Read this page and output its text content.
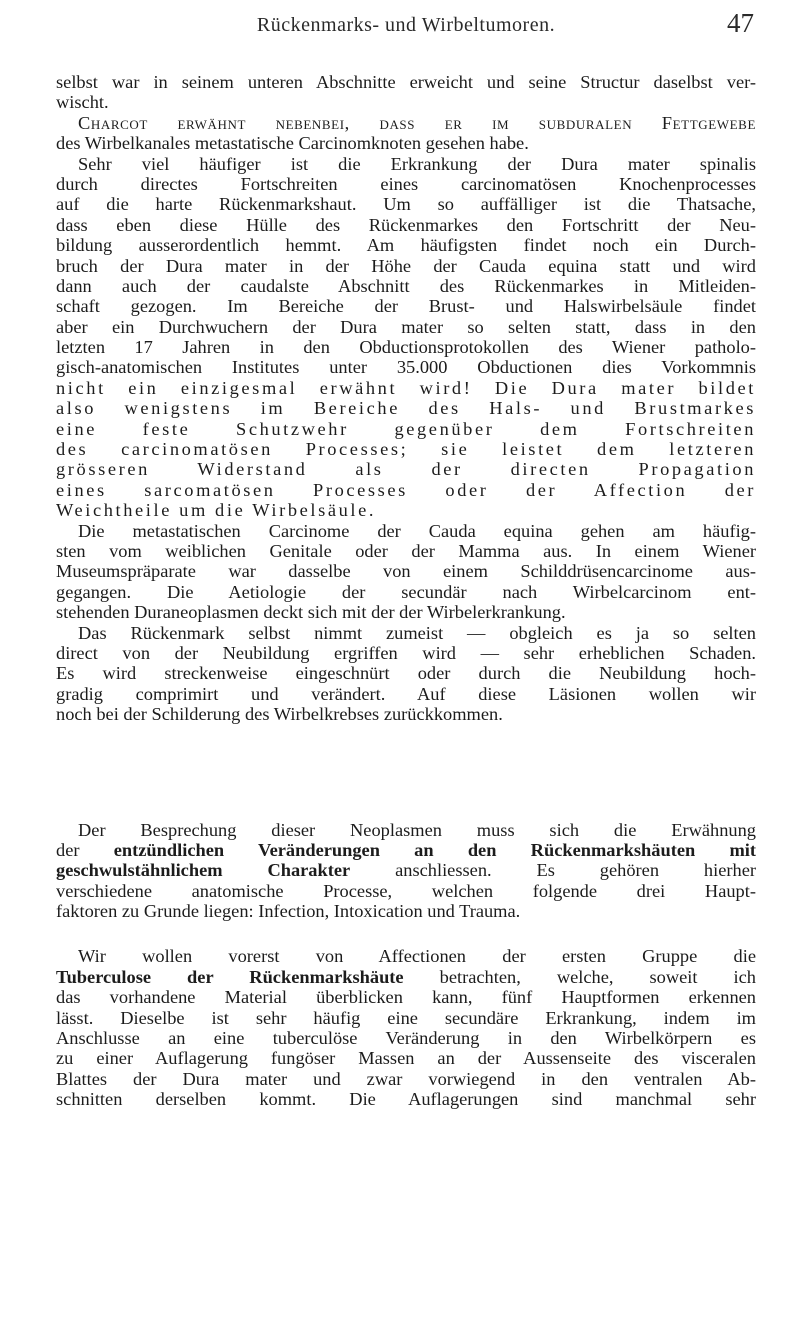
Rückenmarks- und Wirbeltumoren.	47
selbst war in seinem unteren Abschnitte erweicht und seine Structur daselbst ver-
wischt.
Charcot erwähnt nebenbei, dass er im subduralen Fettgewebe
des Wirbelkanales metastatische Carcinomknoten gesehen habe.
Sehr viel häufiger ist die Erkrankung der Dura mater spinalis
durch directes Fortschreiten eines carcinomatösen Knochenprocesses
auf die harte Rückenmarkshaut. Um so auffälliger ist die Thatsache,
dass eben diese Hülle des Rückenmarkes den Fortschritt der Neu-
bildung ausserordentlich hemmt. Am häufigsten findet noch ein Durch-
bruch der Dura mater in der Höhe der Cauda equina statt und wird
dann auch der caudalste Abschnitt des Rückenmarkes in Mitleiden-
schaft gezogen. Im Bereiche der Brust- und Halswirbelsäule findet
aber ein Durchwuchern der Dura mater so selten statt, dass in den
letzten 17 Jahren in den Obductionsprotokollen des Wiener patholo-
gisch-anatomischen Institutes unter 35.000 Obductionen dies Vorkommnis
nicht ein einzigesmal erwähnt wird! Die Dura mater bildet
also wenigstens im Bereiche des Hals- und Brustmarkes
eine feste Schutzwehr gegenüber dem Fortschreiten
des carcinomatösen Processes; sie leistet dem letzteren
grösseren Widerstand als der directen Propagation
eines sarcomatösen Processes oder der Affection der
Weichtheile um die Wirbelsäule.
Die metastatischen Carcinome der Cauda equina gehen am häufig-
sten vom weiblichen Genitale oder der Mamma aus. In einem Wiener
Museumspräparate war dasselbe von einem Schilddrüsencarcinome aus-
gegangen. Die Aetiologie der secundär nach Wirbelcarcinom ent-
stehenden Duraneoplasmen deckt sich mit der der Wirbelerkrankung.
Das Rückenmark selbst nimmt zumeist — obgleich es ja so selten
direct von der Neubildung ergriffen wird — sehr erheblichen Schaden.
Es wird streckenweise eingeschnürt oder durch die Neubildung hoch-
gradig comprimirt und verändert. Auf diese Läsionen wollen wir
noch bei der Schilderung des Wirbelkrebses zurückkommen.
Der Besprechung dieser Neoplasmen muss sich die Erwähnung
der entzündlichen Veränderungen an den Rückenmarkshäuten mit
geschwulstähnlichem Charakter anschliessen. Es gehören hierher
verschiedene anatomische Processe, welchen folgende drei Haupt-
faktoren zu Grunde liegen: Infection, Intoxication und Trauma.
Wir wollen vorerst von Affectionen der ersten Gruppe die
Tuberculose der Rückenmarkshäute betrachten, welche, soweit ich
das vorhandene Material überblicken kann, fünf Hauptformen erkennen
lässt. Dieselbe ist sehr häufig eine secundäre Erkrankung, indem im
Anschlusse an eine tuberculöse Veränderung in den Wirbelkörpern es
zu einer Auflagerung fungöser Massen an der Aussenseite des visceralen
Blattes der Dura mater und zwar vorwiegend in den ventralen Ab-
schnitten derselben kommt. Die Auflagerungen sind manchmal sehr
